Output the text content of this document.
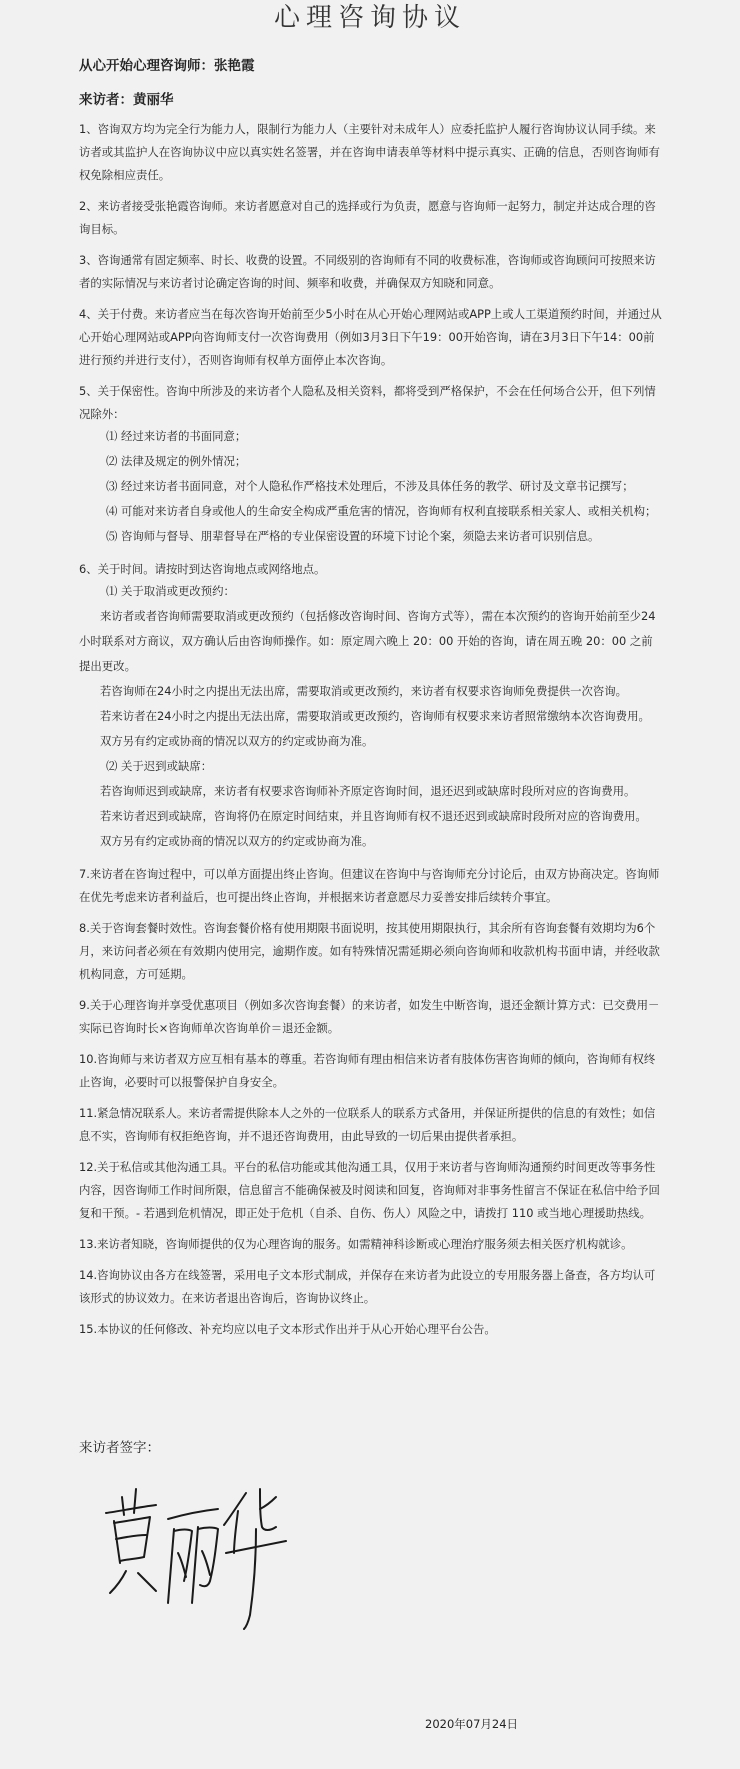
心理咨询协议
从心开始心理咨询师：张艳霞
来访者：黄丽华

1、咨询双方均为完全行为能力人，限制行为能力人（主要针对未成年人）应委托监护人履行咨询协议认同手续。来访者或其监护人在咨询协议中应以真实姓名签署，并在咨询申请表单等材料中提示真实、正确的信息，否则咨询师有权免除相应责任。

2、来访者接受张艳霞咨询师。来访者愿意对自己的选择或行为负责，愿意与咨询师一起努力，制定并达成合理的咨询目标。

3、咨询通常有固定频率、时长、收费的设置。不同级别的咨询师有不同的收费标准，咨询师或咨询顾问可按照来访者的实际情况与来访者讨论确定咨询的时间、频率和收费，并确保双方知晓和同意。

4、关于付费。来访者应当在每次咨询开始前至少5小时在从心开始心理网站或APP上或人工渠道预约时间，并通过从心开始心理网站或APP向咨询师支付一次咨询费用（例如3月3日下午19：00开始咨询，请在3月3日下午14：00前进行预约并进行支付），否则咨询师有权单方面停止本次咨询。

5、关于保密性。咨询中所涉及的来访者个人隐私及相关资料，都将受到严格保护，不会在任何场合公开，但下列情况除外：

⑴ 经过来访者的书面同意；

⑵ 法律及规定的例外情况；

⑶ 经过来访者书面同意，对个人隐私作严格技术处理后，不涉及具体任务的教学、研讨及文章书记撰写；

⑷ 可能对来访者自身或他人的生命安全构成严重危害的情况，咨询师有权利直接联系相关家人、或相关机构；

⑸ 咨询师与督导、朋辈督导在严格的专业保密设置的环境下讨论个案，须隐去来访者可识别信息。

6、关于时间。请按时到达咨询地点或网络地点。

⑴ 关于取消或更改预约：

来访者或者咨询师需要取消或更改预约（包括修改咨询时间、咨询方式等），需在本次预约的咨询开始前至少24小时联系对方商议，双方确认后由咨询师操作。如：原定周六晚上 20：00 开始的咨询，请在周五晚 20：00 之前提出更改。

若咨询师在24小时之内提出无法出席，需要取消或更改预约，来访者有权要求咨询师免费提供一次咨询。

若来访者在24小时之内提出无法出席，需要取消或更改预约，咨询师有权要求来访者照常缴纳本次咨询费用。

双方另有约定或协商的情况以双方的约定或协商为准。

⑵ 关于迟到或缺席：

若咨询师迟到或缺席，来访者有权要求咨询师补齐原定咨询时间，退还迟到或缺席时段所对应的咨询费用。

若来访者迟到或缺席，咨询将仍在原定时间结束，并且咨询师有权不退还迟到或缺席时段所对应的咨询费用。

双方另有约定或协商的情况以双方的约定或协商为准。

7.来访者在咨询过程中，可以单方面提出终止咨询。但建议在咨询中与咨询师充分讨论后，由双方协商决定。咨询师在优先考虑来访者利益后，也可提出终止咨询，并根据来访者意愿尽力妥善安排后续转介事宜。

8.关于咨询套餐时效性。咨询套餐价格有使用期限书面说明，按其使用期限执行，其余所有咨询套餐有效期均为6个月，来访问者必须在有效期内使用完，逾期作废。如有特殊情况需延期必须向咨询师和收款机构书面申请，并经收款机构同意，方可延期。

9.关于心理咨询并享受优惠项目（例如多次咨询套餐）的来访者，如发生中断咨询，退还金额计算方式：已交费用－实际已咨询时长×咨询师单次咨询单价＝退还金额。

10.咨询师与来访者双方应互相有基本的尊重。若咨询师有理由相信来访者有肢体伤害咨询师的倾向，咨询师有权终止咨询，必要时可以报警保护自身安全。

11.紧急情况联系人。来访者需提供除本人之外的一位联系人的联系方式备用，并保证所提供的信息的有效性；如信息不实，咨询师有权拒绝咨询，并不退还咨询费用，由此导致的一切后果由提供者承担。

12.关于私信或其他沟通工具。平台的私信功能或其他沟通工具，仅用于来访者与咨询师沟通预约时间更改等事务性内容，因咨询师工作时间所限，信息留言不能确保被及时阅读和回复，咨询师对非事务性留言不保证在私信中给予回复和干预。- 若遇到危机情况，即正处于危机（自杀、自伤、伤人）风险之中，请拨打 110 或当地心理援助热线。

13.来访者知晓，咨询师提供的仅为心理咨询的服务。如需精神科诊断或心理治疗服务须去相关医疗机构就诊。

14.咨询协议由各方在线签署，采用电子文本形式制成，并保存在来访者为此设立的专用服务器上备查，各方均认可该形式的协议效力。在来访者退出咨询后，咨询协议终止。

15.本协议的任何修改、补充均应以电子文本形式作出并于从心开始心理平台公告。

来访者签字：
2020年07月24日
